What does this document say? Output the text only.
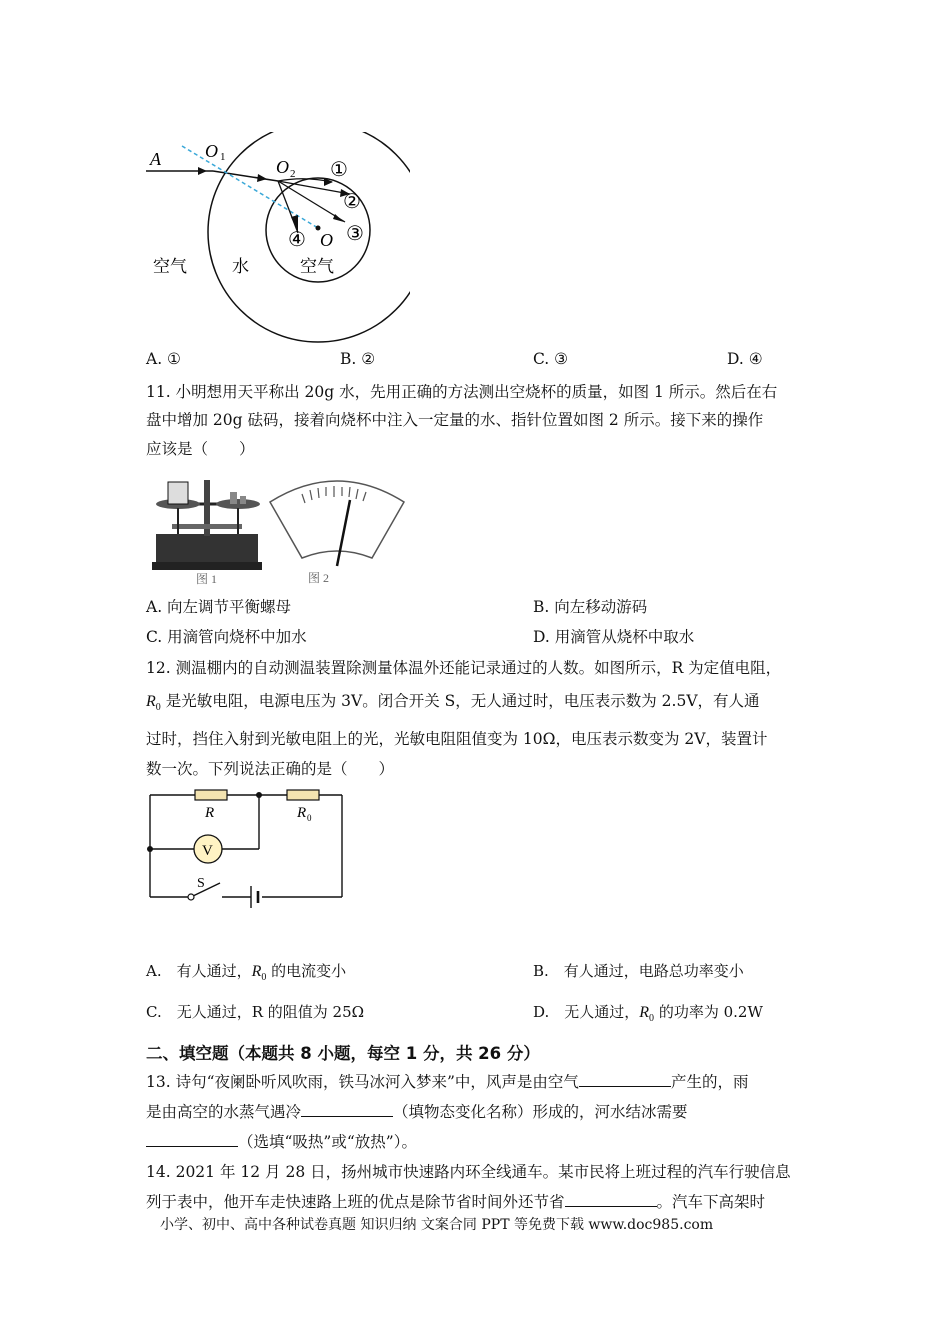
A O 1	O 2
O
①
②
③
④
空气	水	空气
A. ①	B. ②	C. ③	D. ④
11. 小明想用天平称出 20g 水，先用正确的方法测出空烧杯的质量，如图 1 所示。然后在右
盘中增加 20g 砝码，接着向烧杯中注入一定量的水、指针位置如图 2 所示。接下来的操作
应该是（　　）
图 1	图 2
A. 向左调节平衡螺母	B. 向左移动游码
C. 用滴管向烧杯中加水	D. 用滴管从烧杯中取水
12. 测温棚内的自动测温装置除测量体温外还能记录通过的人数。如图所示，R 为定值电阻，
$R_0$ 是光敏电阻，电源电压为 3V。闭合开关 S，无人通过时，电压表示数为 2.5V，有人通
过时，挡住入射到光敏电阻上的光，光敏电阻阻值变为 10Ω，电压表示数变为 2V，装置计
数一次。下列说法正确的是（　　）
R	R 0
V
S
A.　有人通过，$R_0$ 的电流变小	B.　有人通过，电路总功率变小
C.　无人通过，R 的阻值为 25Ω	D.　无人通过，$R_0$ 的功率为 0.2W
二、填空题（本题共 8 小题，每空 1 分，共 26 分）
13. 诗句“夜阑卧听风吹雨，铁马冰河入梦来”中，风声是由空气	产生的，雨
是由高空的水蒸气遇冷	（填物态变化名称）形成的，河水结冰需要
（选填“吸热”或“放热”）。
14. 2021 年 12 月 28 日，扬州城市快速路内环全线通车。某市民将上班过程的汽车行驶信息
列于表中，他开车走快速路上班的优点是除节省时间外还节省	。汽车下高架时
小学、初中、高中各种试卷真题 知识归纳 文案合同 PPT 等免费下载 www.doc985.com
